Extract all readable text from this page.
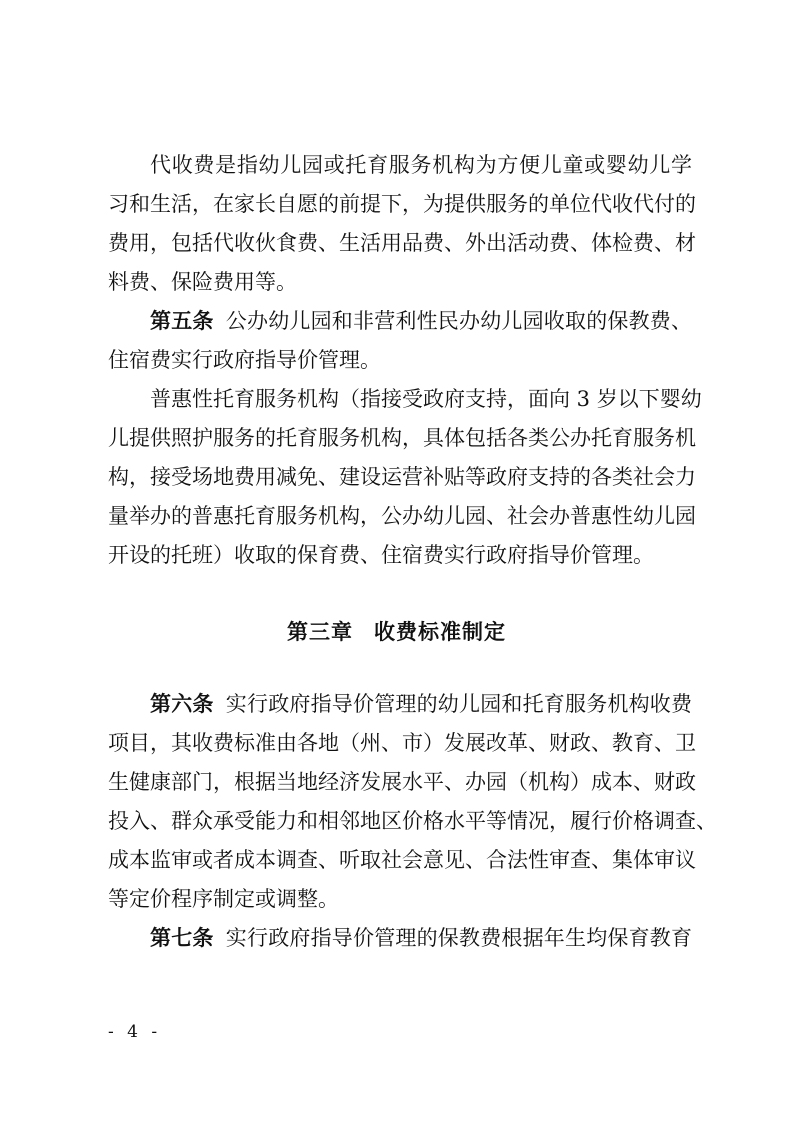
代收费是指幼儿园或托育服务机构为方便儿童或婴幼儿学
习和生活，在家长自愿的前提下，为提供服务的单位代收代付的
费用，包括代收伙食费、生活用品费、外出活动费、体检费、材
料费、保险费用等。
第五条 公办幼儿园和非营利性民办幼儿园收取的保教费、
住宿费实行政府指导价管理。
普惠性托育服务机构（指接受政府支持，面向 3 岁以下婴幼
儿提供照护服务的托育服务机构，具体包括各类公办托育服务机
构，接受场地费用减免、建设运营补贴等政府支持的各类社会力
量举办的普惠托育服务机构，公办幼儿园、社会办普惠性幼儿园
开设的托班）收取的保育费、住宿费实行政府指导价管理。
第三章 收费标准制定
第六条 实行政府指导价管理的幼儿园和托育服务机构收费
项目，其收费标准由各地（州、市）发展改革、财政、教育、卫
生健康部门，根据当地经济发展水平、办园（机构）成本、财政
投入、群众承受能力和相邻地区价格水平等情况，履行价格调查、
成本监审或者成本调查、听取社会意见、合法性审查、集体审议
等定价程序制定或调整。
第七条 实行政府指导价管理的保教费根据年生均保育教育
- 4 -
